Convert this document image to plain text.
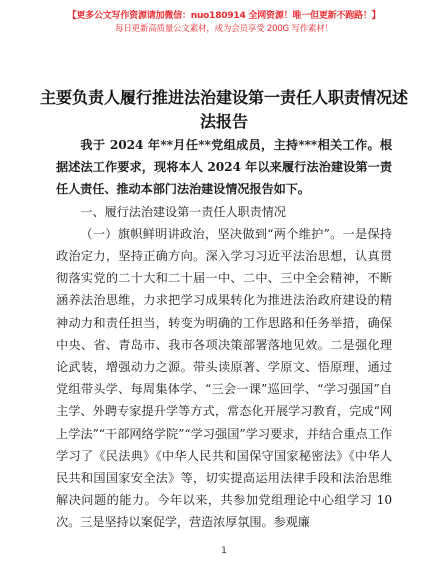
【更多公文写作资源请加微信：nuo180914 全网资源！唯一但更新不跑路！】
每日更新高质量公文素材，成为会员享受 200G 写作素材！
主要负责人履行推进法治建设第一责任人职责情况述法报告

我于 2024 年**月任**党组成员，主持***相关工作。根据述法工作要求，现将本人 2024 年以来履行法治建设第一责任人责任、推动本部门法治建设情况报告如下。

一、履行法治建设第一责任人职责情况

（一）旗帜鲜明讲政治，坚决做到“两个维护”。一是保持政治定力，坚持正确方向。深入学习习近平法治思想，认真贯彻落实党的二十大和二十届一中、二中、三中全会精神，不断涵养法治思维，力求把学习成果转化为推进法治政府建设的精神动力和责任担当，转变为明确的工作思路和任务举措，确保中央、省、青岛市、我市各项决策部署落地见效。二是强化理论武装，增强动力之源。带头读原著、学原文、悟原理，通过党组带头学、每周集体学、“三会一课”巡回学、“学习强国”自主学、外聘专家提升学等方式，常态化开展学习教育，完成“网上学法”“干部网络学院”“学习强国”学习要求，并结合重点工作学习了《民法典》《中华人民共和国保守国家秘密法》《中华人民共和国国家安全法》等，切实提高运用法律手段和法治思维解决问题的能力。今年以来，共参加党组理论中心组学习 10 次。三是坚持以案促学，营造浓厚氛围。参观廉

1
